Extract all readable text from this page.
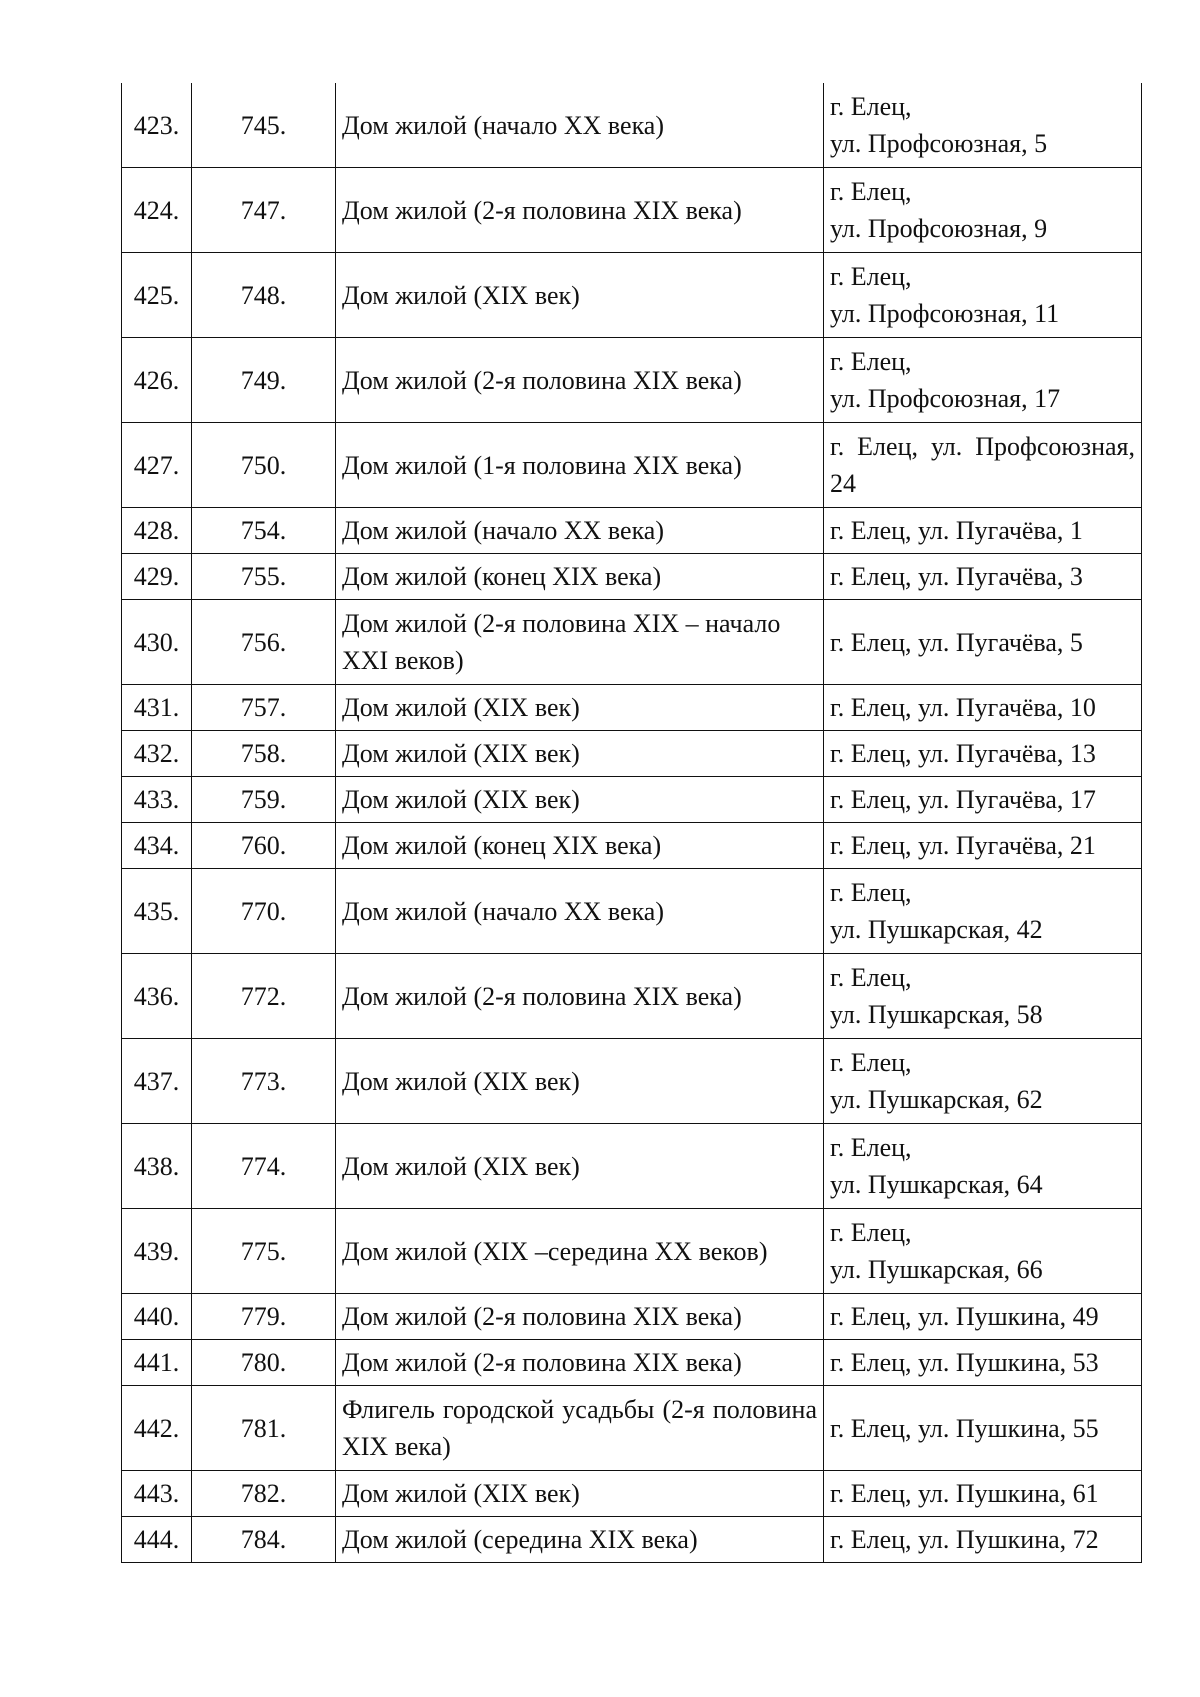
423.	745.	Дом жилой (начало XX века)	г. Елец,
ул. Профсоюзная, 5

424.	747.	Дом жилой (2-я половина XIX века)	г. Елец,
ул. Профсоюзная, 9

425.	748.	Дом жилой (XIX век)	г. Елец,
ул. Профсоюзная, 11

426.	749.	Дом жилой (2-я половина XIX века)	г. Елец,
ул. Профсоюзная, 17

427.	750.	Дом жилой (1-я половина XIX века)	г. Елец, ул. Профсоюзная, 24
428.	754.	Дом жилой (начало XX века)	г. Елец, ул. Пугачёва, 1
429.	755.	Дом жилой (конец XIX века)	г. Елец, ул. Пугачёва, 3
430.	756.	Дом жилой (2-я половина XIX – начало XXI веков)	г. Елец, ул. Пугачёва, 5
431.	757.	Дом жилой (XIX век)	г. Елец, ул. Пугачёва, 10
432.	758.	Дом жилой (XIX век)	г. Елец, ул. Пугачёва, 13
433.	759.	Дом жилой (XIX век)	г. Елец, ул. Пугачёва, 17
434.	760.	Дом жилой (конец XIX века)	г. Елец, ул. Пугачёва, 21
435.	770.	Дом жилой (начало XX века)	г. Елец,
ул. Пушкарская, 42

436.	772.	Дом жилой (2-я половина XIX века)	г. Елец,
ул. Пушкарская, 58

437.	773.	Дом жилой (XIX век)	г. Елец,
ул. Пушкарская, 62

438.	774.	Дом жилой (XIX век)	г. Елец,
ул. Пушкарская, 64

439.	775.	Дом жилой (XIX –середина XX веков)	г. Елец,
ул. Пушкарская, 66

440.	779.	Дом жилой (2-я половина XIX века)	г. Елец, ул. Пушкина, 49
441.	780.	Дом жилой (2-я половина XIX века)	г. Елец, ул. Пушкина, 53
442.	781.	Флигель городской усадьбы (2-я половина XIX века)	г. Елец, ул. Пушкина, 55
443.	782.	Дом жилой (XIX век)	г. Елец, ул. Пушкина, 61
444.	784.	Дом жилой (середина XIX века)	г. Елец, ул. Пушкина, 72
